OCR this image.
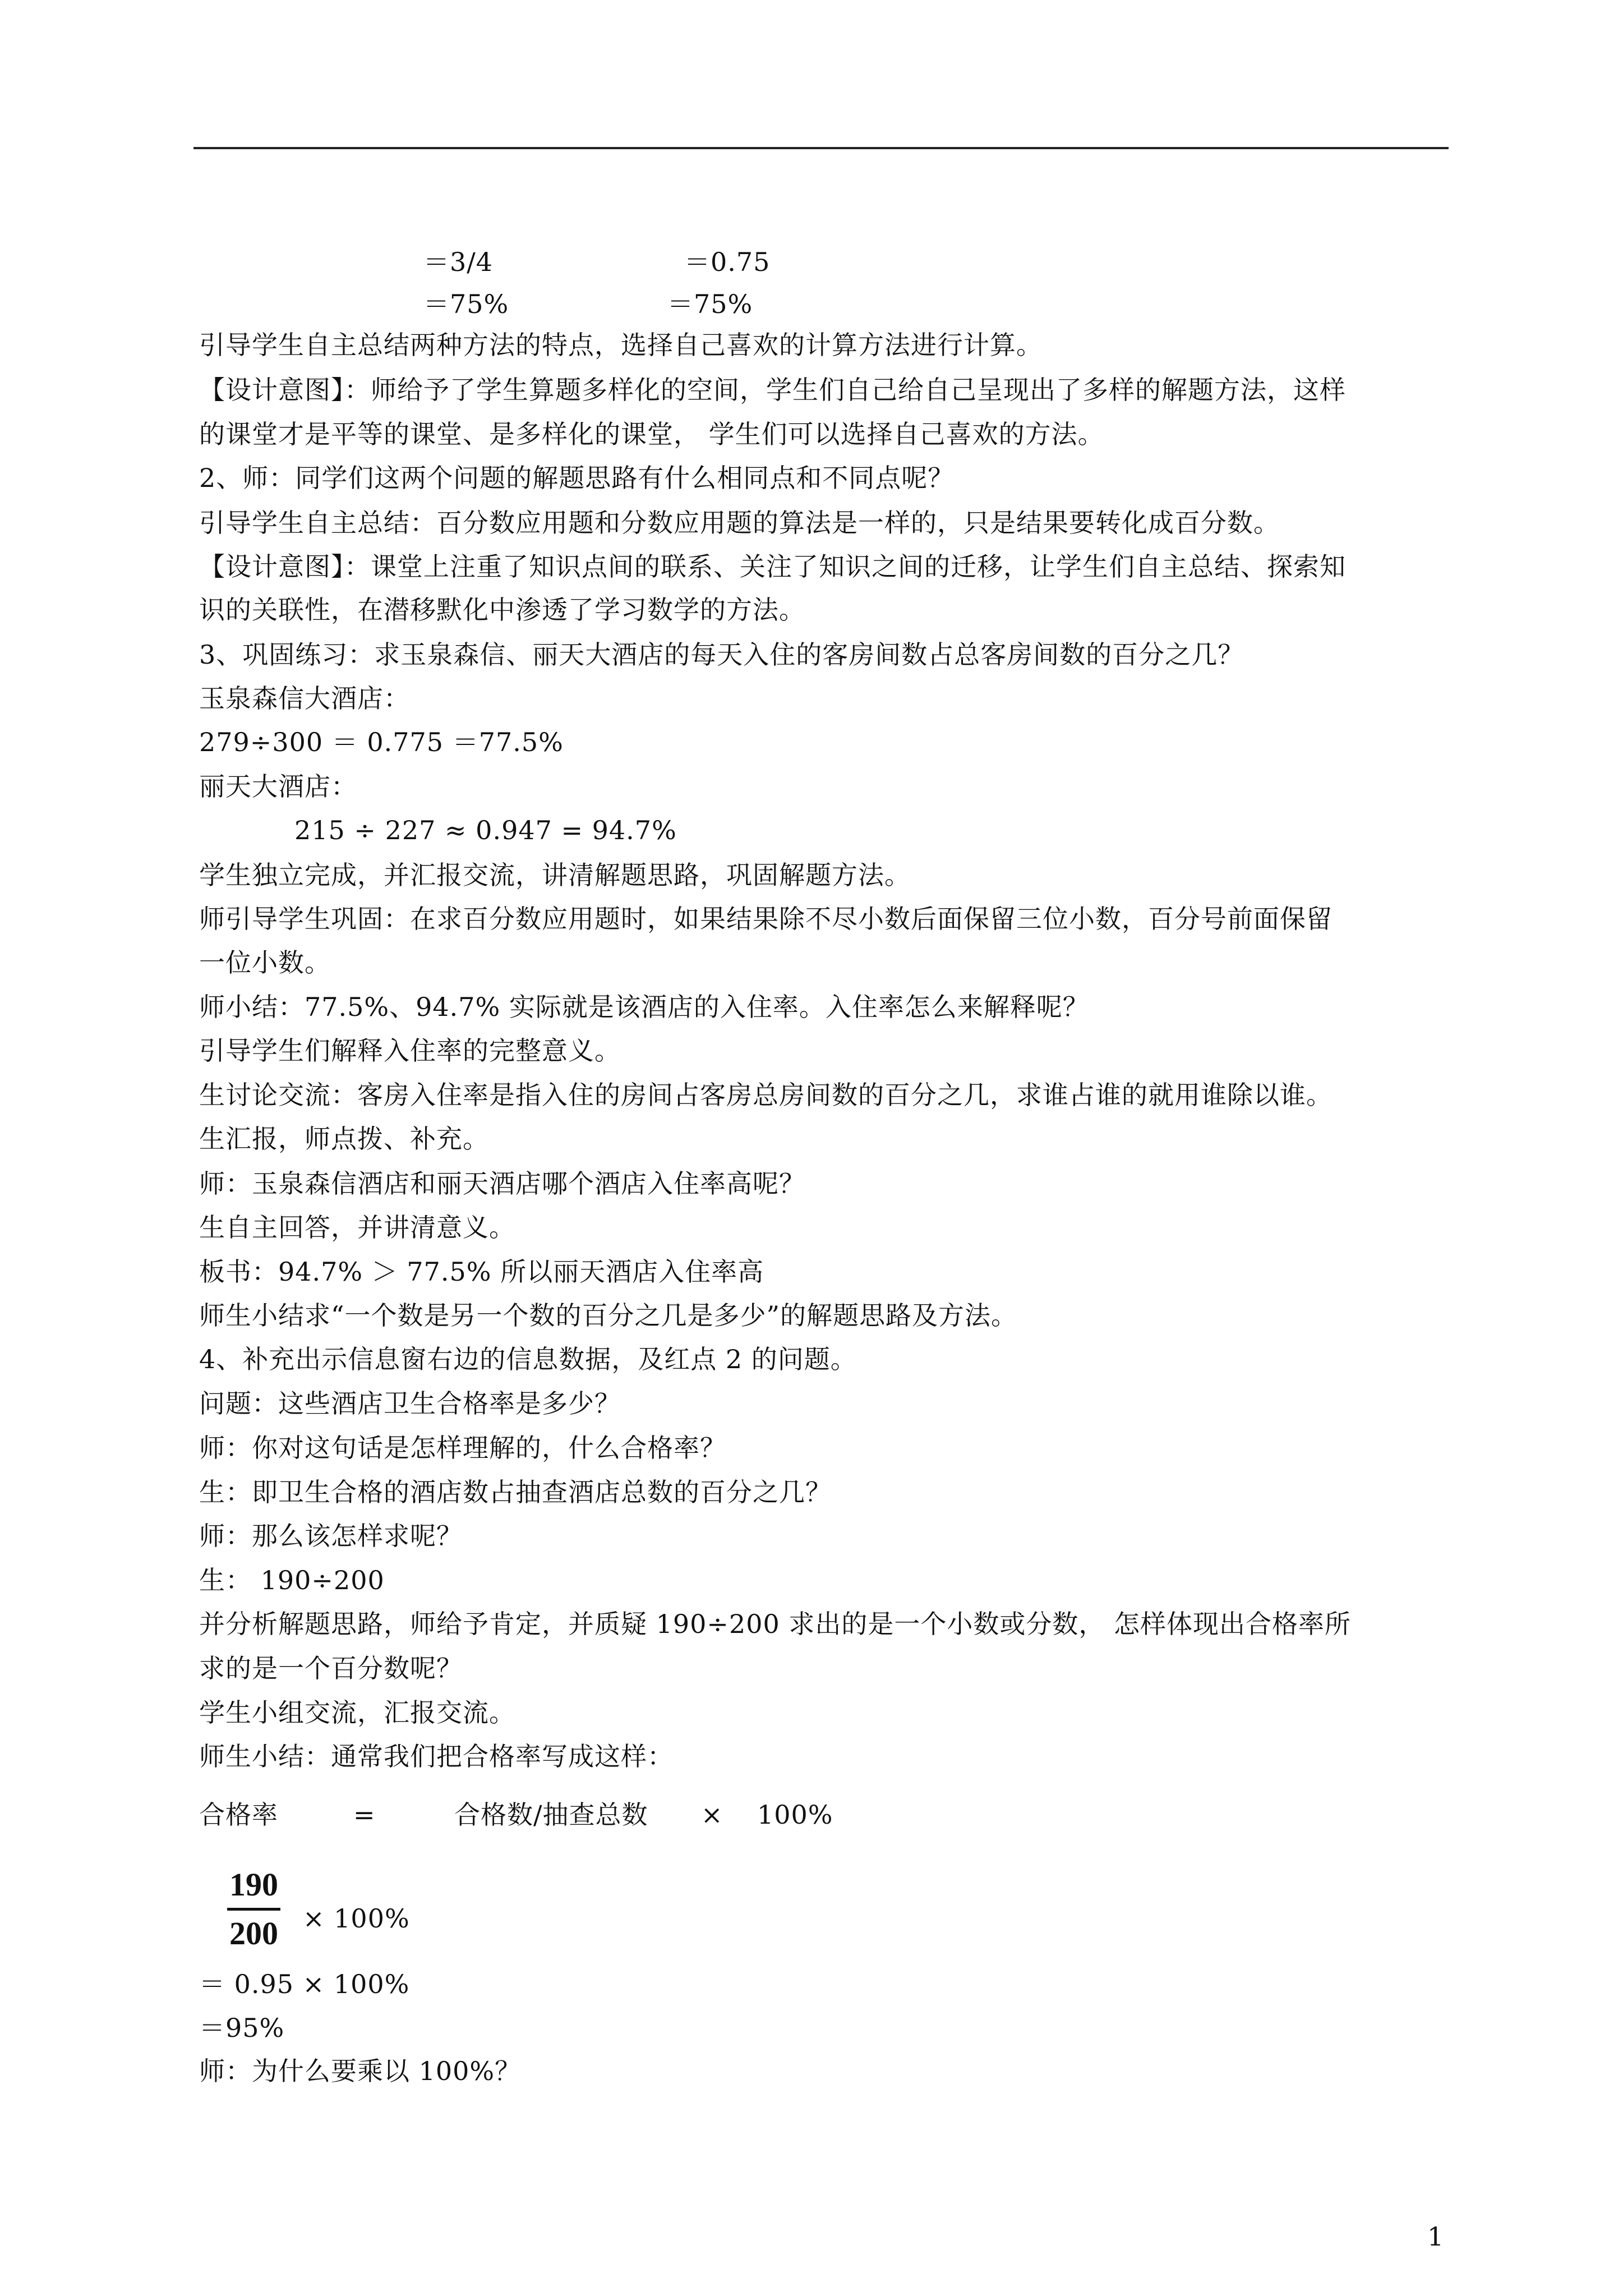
＝3/4	＝0.75
＝75%	＝75%
引导学生自主总结两种方法的特点，选择自己喜欢的计算方法进行计算。
【设计意图】：师给予了学生算题多样化的空间，学生们自己给自己呈现出了多样的解题方法，这样
的课堂才是平等的课堂、是多样化的课堂， 学生们可以选择自己喜欢的方法。
2、师：同学们这两个问题的解题思路有什么相同点和不同点呢？
引导学生自主总结：百分数应用题和分数应用题的算法是一样的，只是结果要转化成百分数。
【设计意图】：课堂上注重了知识点间的联系、关注了知识之间的迁移，让学生们自主总结、探索知
识的关联性，在潜移默化中渗透了学习数学的方法。
3、巩固练习：求玉泉森信、丽天大酒店的每天入住的客房间数占总客房间数的百分之几？
玉泉森信大酒店：
279÷300 ＝ 0.775 ＝77.5%
丽天大酒店：
215 ÷ 227 ≈ 0.947 = 94.7%
学生独立完成，并汇报交流，讲清解题思路，巩固解题方法。
师引导学生巩固：在求百分数应用题时，如果结果除不尽小数后面保留三位小数，百分号前面保留
一位小数。
师小结：77.5%、94.7% 实际就是该酒店的入住率。入住率怎么来解释呢？
引导学生们解释入住率的完整意义。
生讨论交流：客房入住率是指入住的房间占客房总房间数的百分之几，求谁占谁的就用谁除以谁。
生汇报，师点拨、补充。
师：玉泉森信酒店和丽天酒店哪个酒店入住率高呢？
生自主回答，并讲清意义。
板书：94.7% ＞ 77.5% 所以丽天酒店入住率高
师生小结求“一个数是另一个数的百分之几是多少”的解题思路及方法。
4、补充出示信息窗右边的信息数据，及红点 2 的问题。
问题：这些酒店卫生合格率是多少？
师：你对这句话是怎样理解的，什么合格率？
生：即卫生合格的酒店数占抽查酒店总数的百分之几？
师：那么该怎样求呢？
生： 190÷200
并分析解题思路，师给予肯定，并质疑 190÷200 求出的是一个小数或分数， 怎样体现出合格率所
求的是一个百分数呢？
学生小组交流，汇报交流。
师生小结：通常我们把合格率写成这样：
合格率	=	合格数/抽查总数 × 100%
190
200 × 100%
＝ 0.95 × 100%
＝95%
师：为什么要乘以 100%？
1
